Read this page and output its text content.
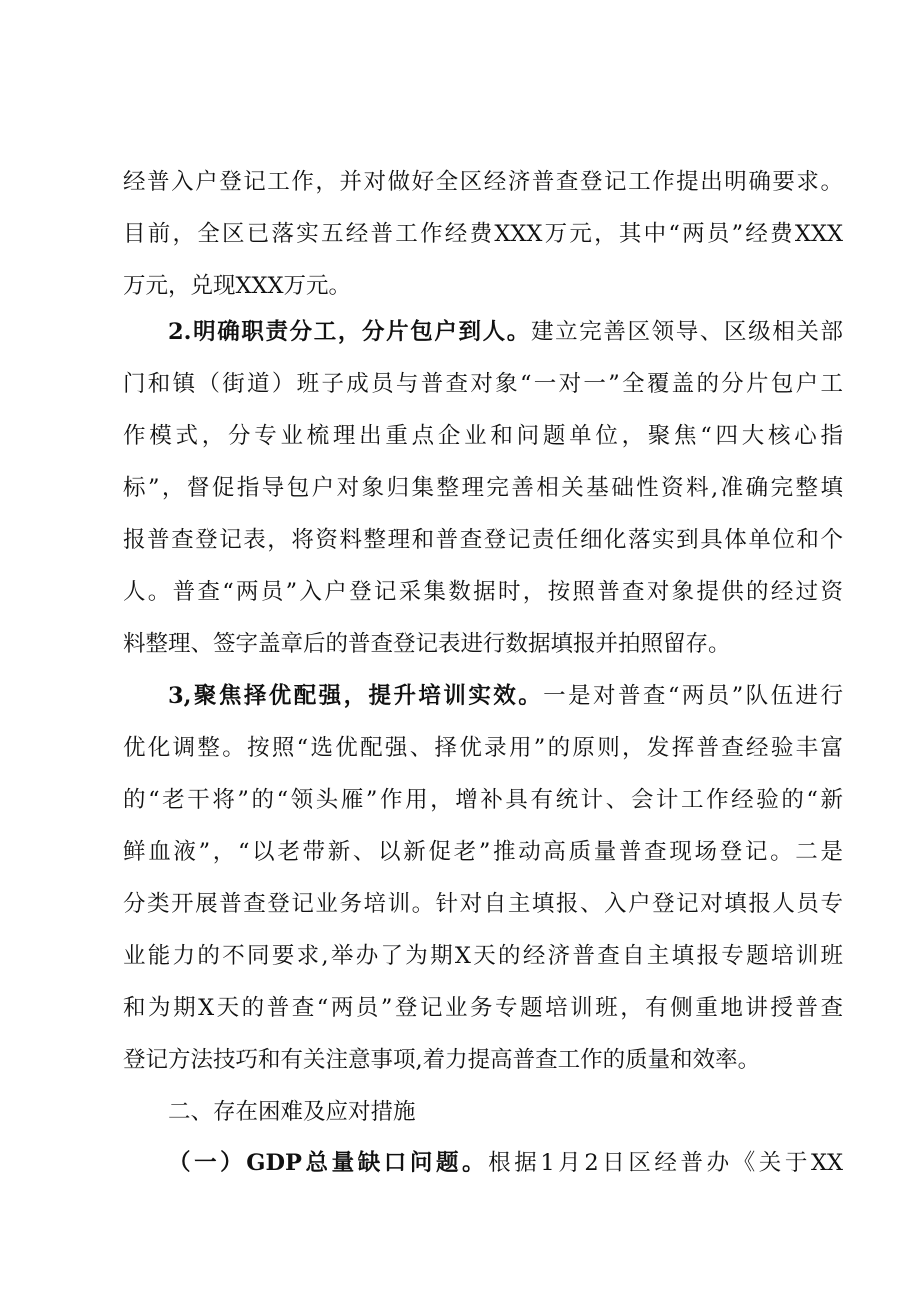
经普入户登记工作，并对做好全区经济普查登记工作提出明确要求。
目前，全区已落实五经普工作经费XXX万元，其中“两员”经费XXX
万元，兑现XXX万元。
2.明确职责分工，分片包户到人。建立完善区领导、区级相关部
门和镇（街道）班子成员与普查对象“一对一”全覆盖的分片包户工
作模式，分专业梳理出重点企业和问题单位，聚焦“四大核心指
标”，督促指导包户对象归集整理完善相关基础性资料,准确完整填
报普查登记表，将资料整理和普查登记责任细化落实到具体单位和个
人。普查“两员”入户登记采集数据时，按照普查对象提供的经过资
料整理、签字盖章后的普查登记表进行数据填报并拍照留存。
3,聚焦择优配强，提升培训实效。一是对普查“两员”队伍进行
优化调整。按照“选优配强、择优录用”的原则，发挥普查经验丰富
的“老干将”的“领头雁”作用，增补具有统计、会计工作经验的“新
鲜血液”，“以老带新、以新促老”推动高质量普查现场登记。二是
分类开展普查登记业务培训。针对自主填报、入户登记对填报人员专
业能力的不同要求,举办了为期X天的经济普查自主填报专题培训班
和为期X天的普查“两员”登记业务专题培训班，有侧重地讲授普查
登记方法技巧和有关注意事项,着力提高普查工作的质量和效率。
二、存在困难及应对措施
（一）GDP总量缺口问题。根据1月2日区经普办《关于XX
